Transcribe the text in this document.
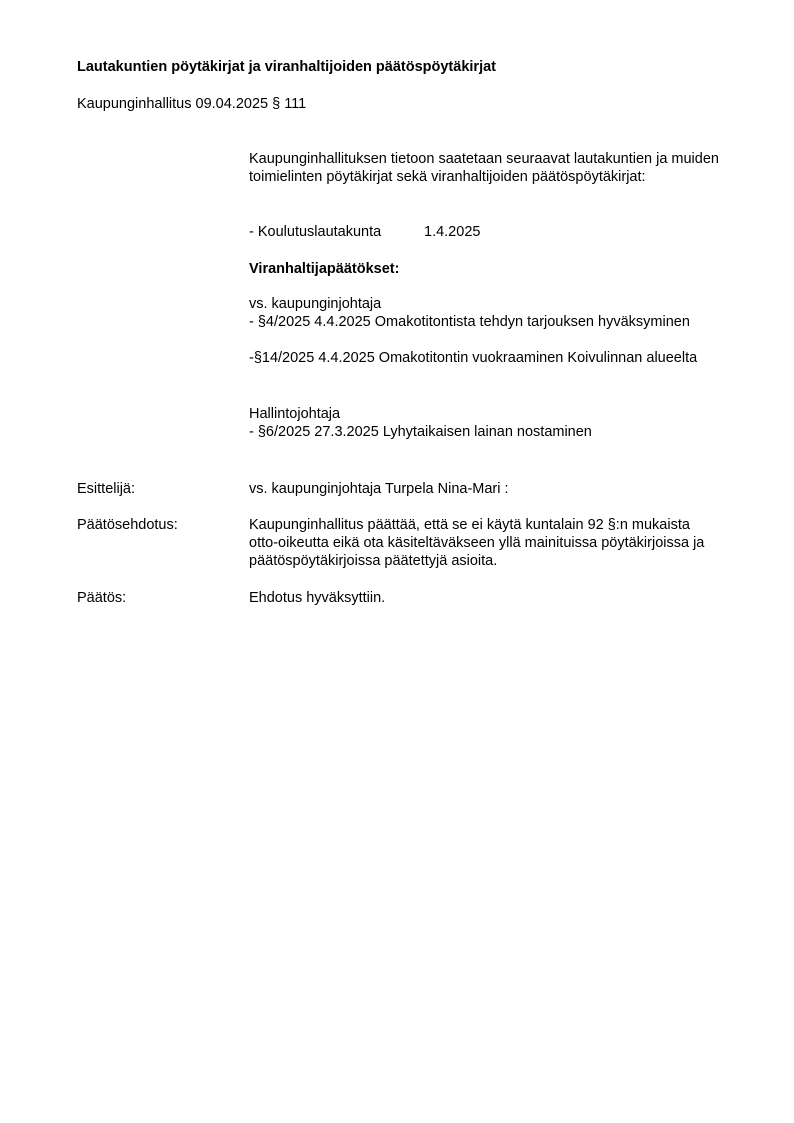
Lautakuntien pöytäkirjat ja viranhaltijoiden päätöspöytäkirjat
Kaupunginhallitus 09.04.2025 § 111
Kaupunginhallituksen tietoon saatetaan seuraavat lautakuntien ja muiden toimielinten pöytäkirjat sekä viranhaltijoiden päätöspöytäkirjat:
- Koulutuslautakunta	1.4.2025
Viranhaltijapäätökset:
vs. kaupunginjohtaja
- §4/2025 4.4.2025 Omakotitontista tehdyn tarjouksen hyväksyminen
-§14/2025 4.4.2025 Omakotitontin vuokraaminen Koivulinnan alueelta
Hallintojohtaja
- §6/2025 27.3.2025 Lyhytaikaisen lainan nostaminen
Esittelijä:	vs. kaupunginjohtaja Turpela Nina-Mari :
Päätösehdotus:	Kaupunginhallitus päättää, että se ei käytä kuntalain 92 §:n mukaista otto-oikeutta eikä ota käsiteltäväkseen yllä mainituissa pöytäkirjoissa ja päätöspöytäkirjoissa päätettyjä asioita.
Päätös:	Ehdotus hyväksyttiin.
